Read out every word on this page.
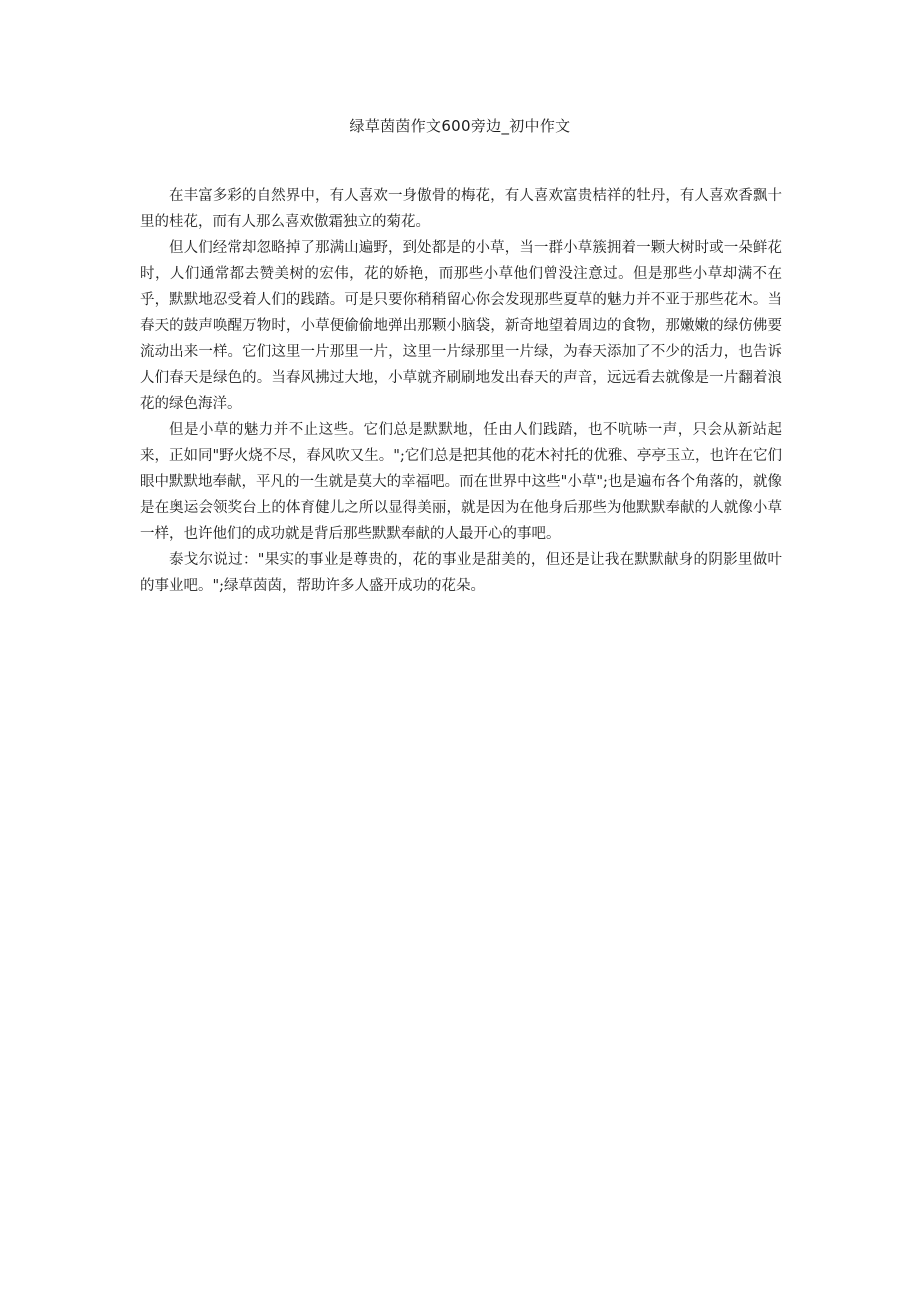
绿草茵茵作文600旁边_初中作文

在丰富多彩的自然界中，有人喜欢一身傲骨的梅花，有人喜欢富贵桔祥的牡丹，有人喜欢香飘十里的桂花，而有人那么喜欢傲霜独立的菊花。

但人们经常却忽略掉了那满山遍野，到处都是的小草，当一群小草簇拥着一颗大树时或一朵鲜花时，人们通常都去赞美树的宏伟，花的娇艳，而那些小草他们曾没注意过。但是那些小草却满不在乎，默默地忍受着人们的践踏。可是只要你稍稍留心你会发现那些夏草的魅力并不亚于那些花木。当春天的鼓声唤醒万物时，小草便偷偷地弹出那颗小脑袋，新奇地望着周边的食物，那嫩嫩的绿仿佛要流动出来一样。它们这里一片那里一片，这里一片绿那里一片绿，为春天添加了不少的活力，也告诉人们春天是绿色的。当春风拂过大地，小草就齐刷刷地发出春天的声音，远远看去就像是一片翻着浪花的绿色海洋。

但是小草的魅力并不止这些。它们总是默默地，任由人们践踏，也不吭哧一声，只会从新站起来，正如同"野火烧不尽，春风吹又生。";它们总是把其他的花木衬托的优雅、亭亭玉立，也许在它们眼中默默地奉献，平凡的一生就是莫大的幸福吧。而在世界中这些"小草";也是遍布各个角落的，就像是在奥运会领奖台上的体育健儿之所以显得美丽，就是因为在他身后那些为他默默奉献的人就像小草一样，也许他们的成功就是背后那些默默奉献的人最开心的事吧。

泰戈尔说过："果实的事业是尊贵的，花的事业是甜美的，但还是让我在默默献身的阴影里做叶的事业吧。";绿草茵茵，帮助许多人盛开成功的花朵。
